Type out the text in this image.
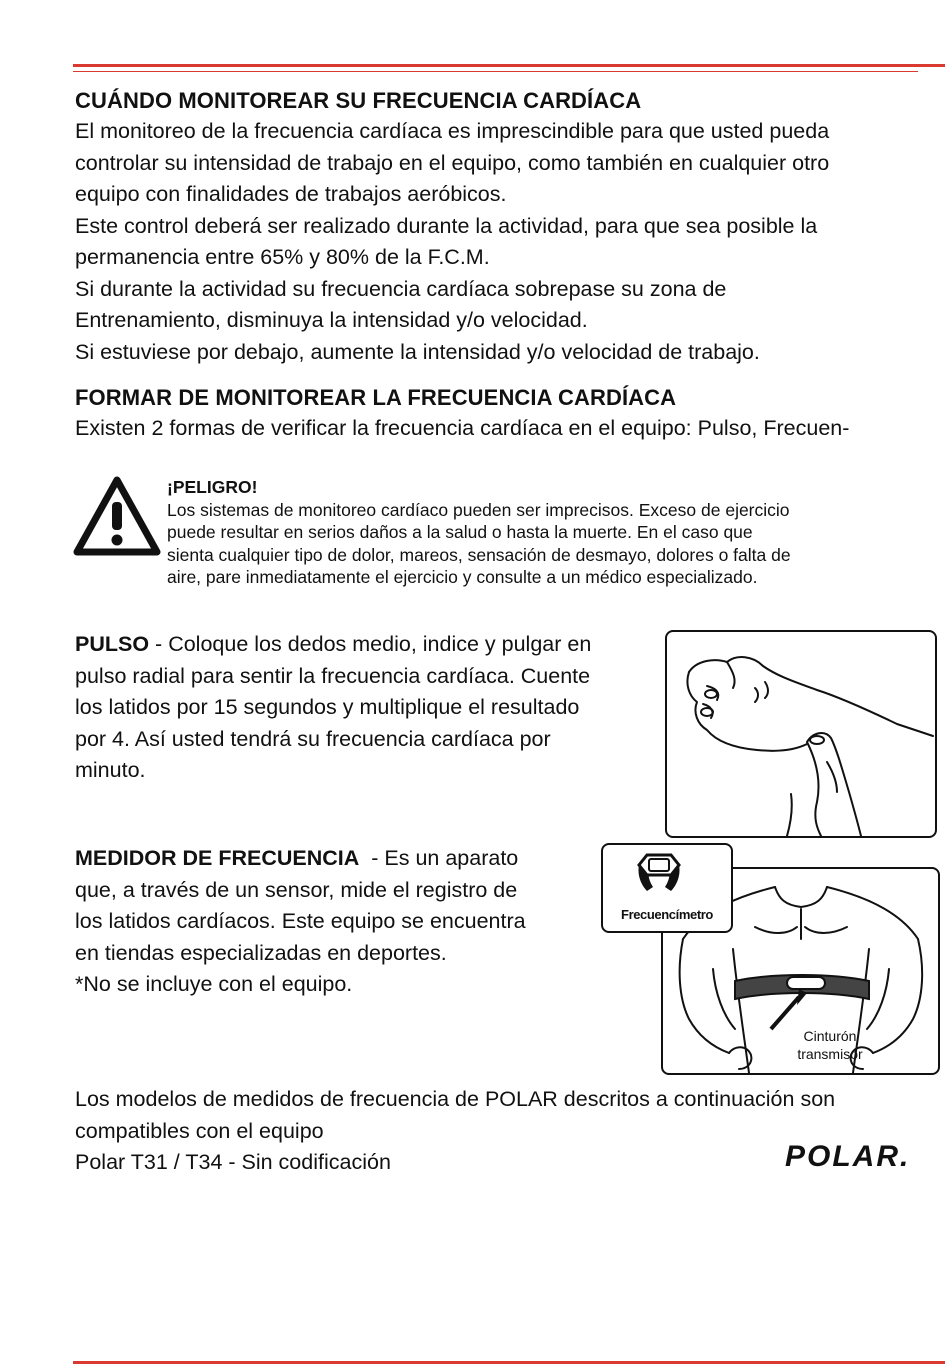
CUÁNDO MONITOREAR SU FRECUENCIA CARDÍACA
El monitoreo de la frecuencia cardíaca es imprescindible para que usted pueda
controlar su intensidad de trabajo en el equipo, como también en cualquier otro
equipo con finalidades de trabajos aeróbicos.
Este control deberá ser realizado durante la actividad, para que sea posible la
permanencia entre 65% y 80% de la F.C.M.
Si durante la actividad su frecuencia cardíaca sobrepase su zona de
Entrenamiento, disminuya la intensidad y/o velocidad.
Si estuviese por debajo, aumente la intensidad y/o velocidad de trabajo.
FORMAR DE MONITOREAR LA FRECUENCIA CARDÍACA
Existen 2 formas de verificar la frecuencia cardíaca en el equipo: Pulso, Frecuen-
¡PELIGRO!
Los sistemas de monitoreo cardíaco pueden ser imprecisos. Exceso de ejercicio
puede resultar en serios daños a la salud o hasta la muerte. En el caso que
sienta cualquier tipo de dolor, mareos, sensación de desmayo, dolores o falta de
aire, pare inmediatamente el ejercicio y consulte a un médico especializado.
PULSO - Coloque los dedos medio, indice y pulgar en
pulso radial para sentir la frecuencia cardíaca. Cuente
los latidos por 15 segundos y multiplique el resultado
por 4. Así usted tendrá su frecuencia cardíaca por
minuto.
MEDIDOR DE FRECUENCIA  - Es un aparato
que, a través de un sensor, mide el registro de
los latidos cardíacos. Este equipo se encuentra
en tiendas especializadas en deportes.
*No se incluye con el equipo.
Cinturón
transmisor
Frecuencímetro
Los modelos de medidos de frecuencia de POLAR descritos a continuación son
compatibles con el equipo
Polar T31 / T34 - Sin codificación	POLAR.
